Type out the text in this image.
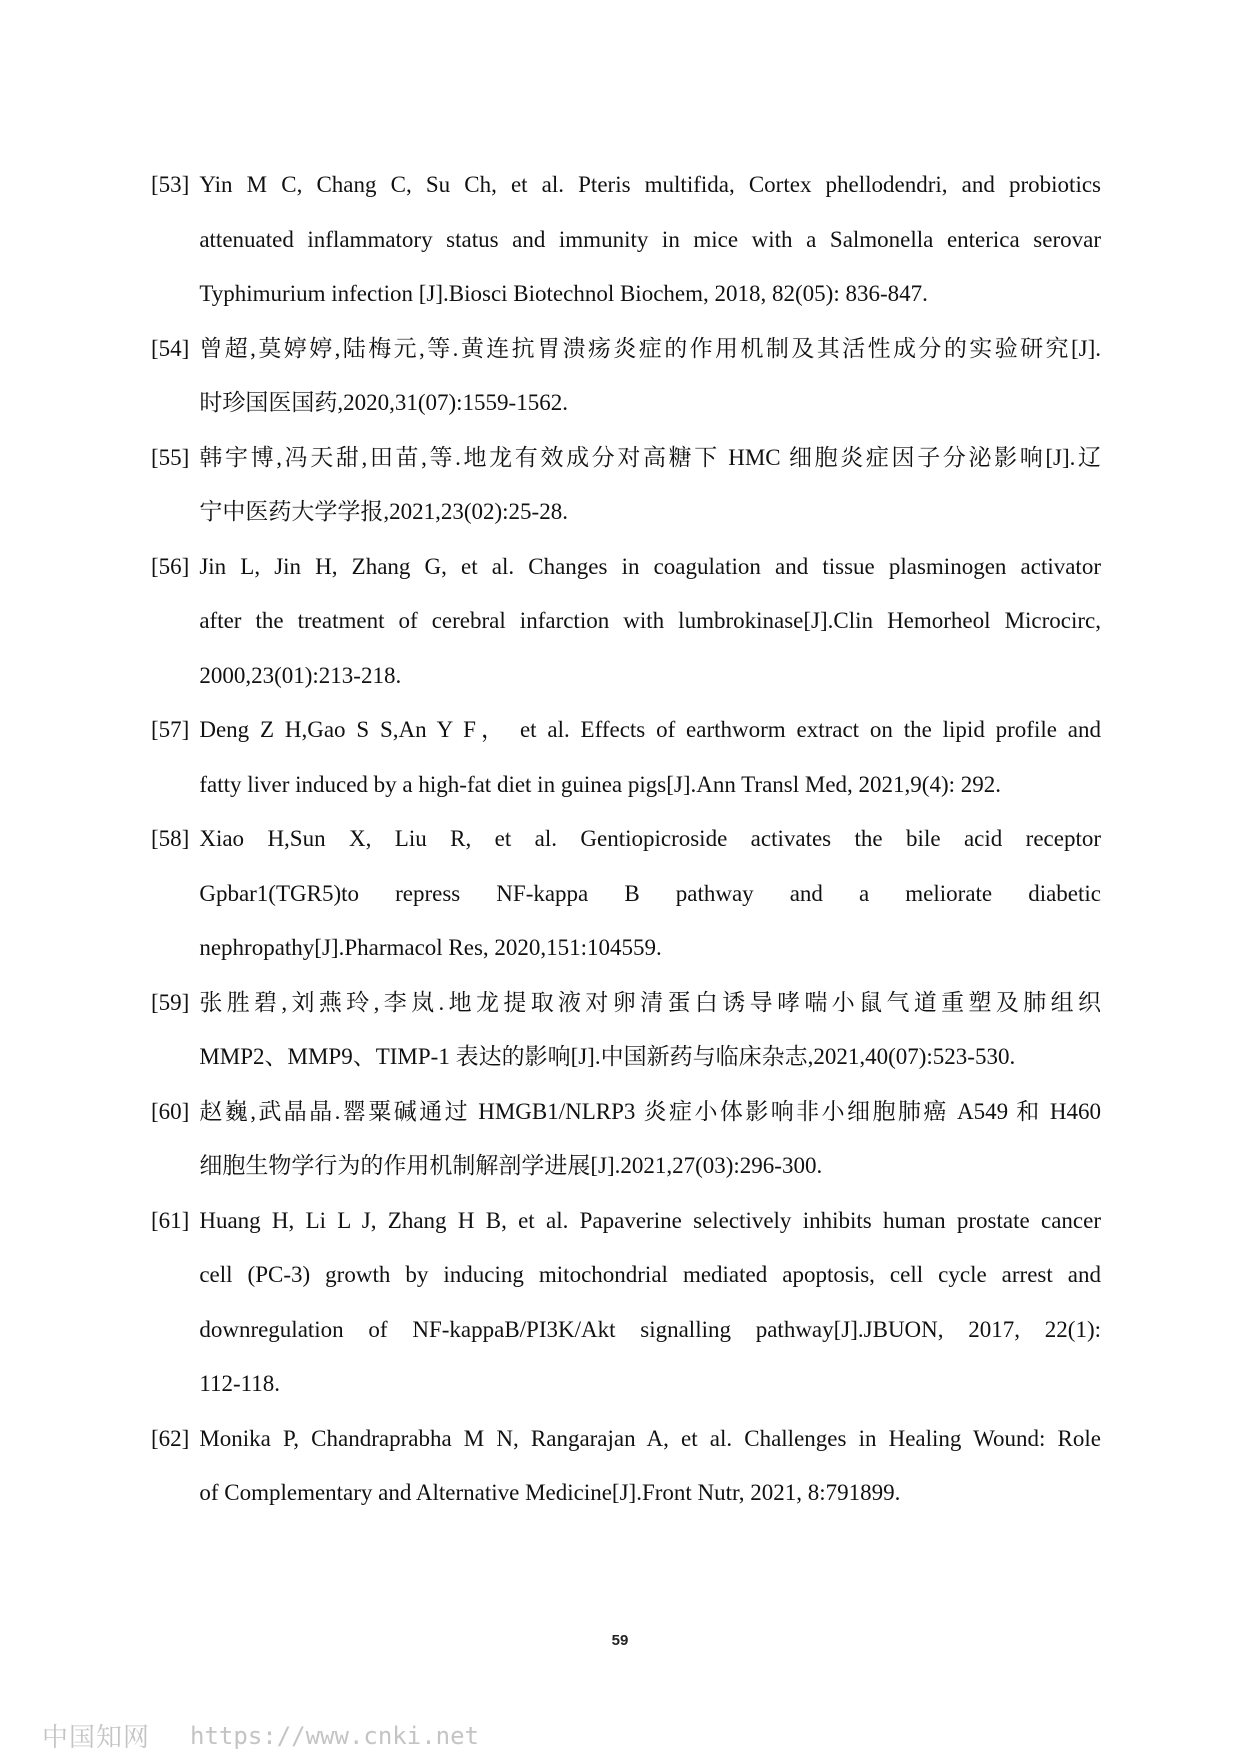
[53] Yin M C, Chang C, Su Ch, et al. Pteris multifida, Cortex phellodendri, and probiotics
attenuated inflammatory status and immunity in mice with a Salmonella enterica serovar
Typhimurium infection [J].Biosci Biotechnol Biochem, 2018, 82(05): 836-847.
[54] 曾超,莫婷婷,陆梅元,等.黄连抗胃溃疡炎症的作用机制及其活性成分的实验研究[J].
时珍国医国药,2020,31(07):1559-1562.
[55] 韩宇博,冯天甜,田苗,等.地龙有效成分对高糖下 HMC 细胞炎症因子分泌影响[J].辽
宁中医药大学学报,2021,23(02):25-28.
[56] Jin L, Jin H, Zhang G, et al. Changes in coagulation and tissue plasminogen activator
after the treatment of cerebral infarction with lumbrokinase[J].Clin Hemorheol Microcirc,
2000,23(01):213-218.
[57] Deng Z H,Gao S S,An Y F， et al. Effects of earthworm extract on the lipid profile and
fatty liver induced by a high-fat diet in guinea pigs[J].Ann Transl Med, 2021,9(4): 292.
[58] Xiao H,Sun X, Liu R, et al. Gentiopicroside activates the bile acid receptor
Gpbar1(TGR5)to repress NF-kappa B pathway and a meliorate diabetic
nephropathy[J].Pharmacol Res, 2020,151:104559.
[59] 张胜碧,刘燕玲,李岚.地龙提取液对卵清蛋白诱导哮喘小鼠气道重塑及肺组织
MMP2、MMP9、TIMP-1 表达的影响[J].中国新药与临床杂志,2021,40(07):523-530.
[60] 赵巍,武晶晶.罂粟碱通过 HMGB1/NLRP3 炎症小体影响非小细胞肺癌 A549 和 H460
细胞生物学行为的作用机制解剖学进展[J].2021,27(03):296-300.
[61] Huang H, Li L J, Zhang H B, et al. Papaverine selectively inhibits human prostate cancer
cell (PC-3) growth by inducing mitochondrial mediated apoptosis, cell cycle arrest and
downregulation of NF-kappaB/PI3K/Akt signalling pathway[J].JBUON, 2017, 22(1):
112-118.
[62] Monika P, Chandraprabha M N, Rangarajan A, et al. Challenges in Healing Wound: Role
of Complementary and Alternative Medicine[J].Front Nutr, 2021, 8:791899.
59
中国知网 https://www.cnki.net
